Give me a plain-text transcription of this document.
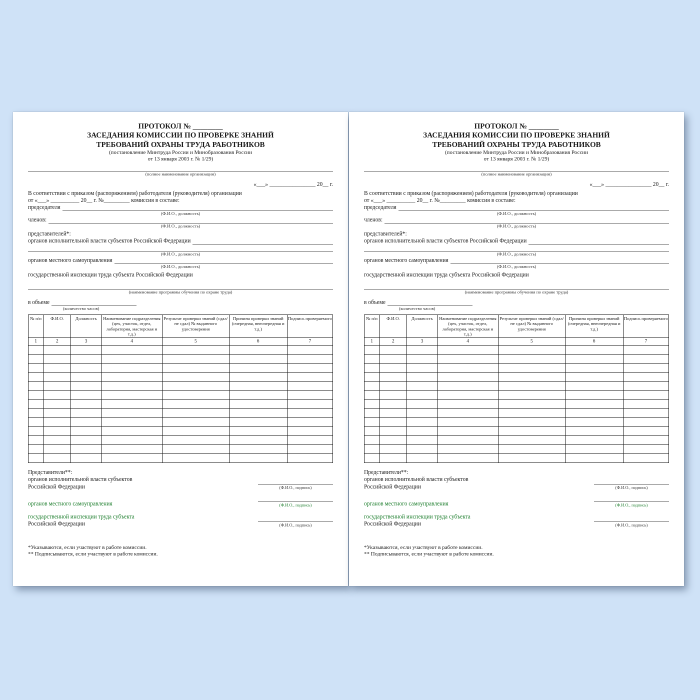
ПРОТОКОЛ № ________
ЗАСЕДАНИЯ КОМИССИИ ПО ПРОВЕРКЕ ЗНАНИЙ
ТРЕБОВАНИЙ ОХРАНЫ ТРУДА РАБОТНИКОВ
(постановление Минтруда России и Минобразования России
от 13 января 2003 г. № 1/29)
(полное наименование организации)
«___» ________________ 20__ г.
В соответствии с приказом (распоряжением) работодателя (руководителя) организации
от «___» __________ 20__ г. №_________ комиссия в составе:
председателя
(Ф.И.О., должность)
членов:
(Ф.И.О., должность)
представителей*:
органов исполнительной власти субъектов Российской Федерации
(Ф.И.О., должность)
органов местного самоуправления
(Ф.И.О., должность)
государственной инспекции труда субъекта Российской Федерации
(наименование программы обучения по охране труда)
в объеме
(количество часов)
№ п/п	Ф.И.О.	Должность	Наименование подразделения (цех, участок, отдел, лаборатория, мастерская и т.д.)	Результат проверки знаний (сдал/не сдал) № выданного удостоверения	Причина проверки знаний (очередная, внеочередная и т.д.)	Подпись проверяемого
1	2	3	4	5	6	7

Представители**:
органов исполнительной власти субъектов
Российской Федерации	(Ф.И.О., подпись)
органов местного самоуправления	(Ф.И.О., подпись)
государственной инспекции труда субъекта
Российской Федерации	(Ф.И.О., подпись)
*Указываются, если участвуют в работе комиссии.
** Подписываются, если участвуют в работе комиссии.
ПРОТОКОЛ № ________
ЗАСЕДАНИЯ КОМИССИИ ПО ПРОВЕРКЕ ЗНАНИЙ
ТРЕБОВАНИЙ ОХРАНЫ ТРУДА РАБОТНИКОВ
(постановление Минтруда России и Минобразования России
от 13 января 2003 г. № 1/29)
(полное наименование организации)
«___» ________________ 20__ г.
В соответствии с приказом (распоряжением) работодателя (руководителя) организации
от «___» __________ 20__ г. №_________ комиссия в составе:
председателя
(Ф.И.О., должность)
членов:
(Ф.И.О., должность)
представителей*:
органов исполнительной власти субъектов Российской Федерации
(Ф.И.О., должность)
органов местного самоуправления
(Ф.И.О., должность)
государственной инспекции труда субъекта Российской Федерации
(наименование программы обучения по охране труда)
в объеме
(количество часов)
№ п/п	Ф.И.О.	Должность	Наименование подразделения (цех, участок, отдел, лаборатория, мастерская и т.д.)	Результат проверки знаний (сдал/не сдал) № выданного удостоверения	Причина проверки знаний (очередная, внеочередная и т.д.)	Подпись проверяемого
1	2	3	4	5	6	7

Представители**:
органов исполнительной власти субъектов
Российской Федерации	(Ф.И.О., подпись)
органов местного самоуправления	(Ф.И.О., подпись)
государственной инспекции труда субъекта
Российской Федерации	(Ф.И.О., подпись)
*Указываются, если участвуют в работе комиссии.
** Подписываются, если участвуют в работе комиссии.
